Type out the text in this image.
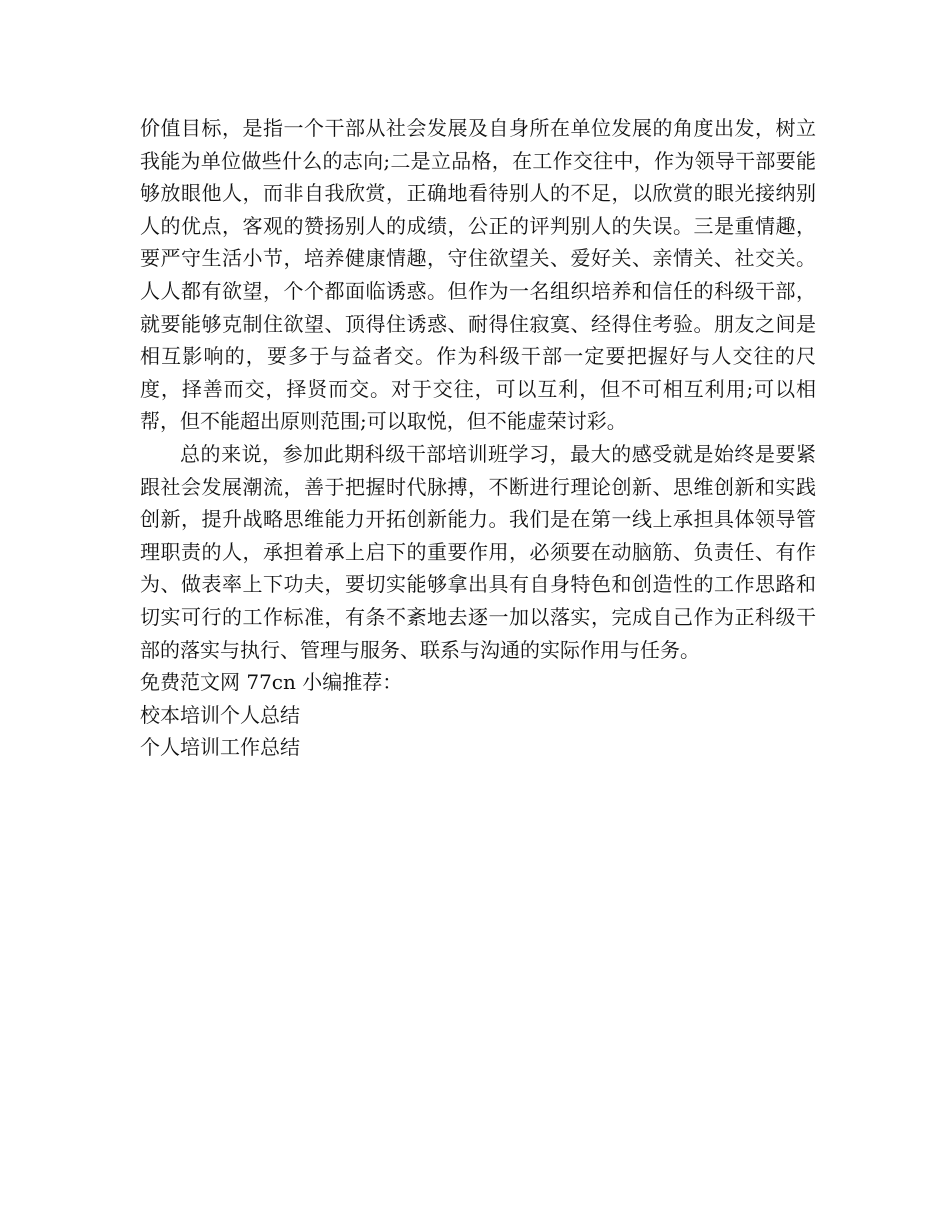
价值目标，是指一个干部从社会发展及自身所在单位发展的角度出发，树立我能为单位做些什么的志向;二是立品格，在工作交往中，作为领导干部要能够放眼他人，而非自我欣赏，正确地看待别人的不足，以欣赏的眼光接纳别人的优点，客观的赞扬别人的成绩，公正的评判别人的失误。三是重情趣，要严守生活小节，培养健康情趣，守住欲望关、爱好关、亲情关、社交关。人人都有欲望，个个都面临诱惑。但作为一名组织培养和信任的科级干部，就要能够克制住欲望、顶得住诱惑、耐得住寂寞、经得住考验。朋友之间是相互影响的，要多于与益者交。作为科级干部一定要把握好与人交往的尺度，择善而交，择贤而交。对于交往，可以互利，但不可相互利用;可以相帮，但不能超出原则范围;可以取悦，但不能虚荣讨彩。

总的来说，参加此期科级干部培训班学习，最大的感受就是始终是要紧跟社会发展潮流，善于把握时代脉搏，不断进行理论创新、思维创新和实践创新，提升战略思维能力开拓创新能力。我们是在第一线上承担具体领导管理职责的人，承担着承上启下的重要作用，必须要在动脑筋、负责任、有作为、做表率上下功夫，要切实能够拿出具有自身特色和创造性的工作思路和切实可行的工作标准，有条不紊地去逐一加以落实，完成自己作为正科级干部的落实与执行、管理与服务、联系与沟通的实际作用与任务。

免费范文网 77cn 小编推荐：

校本培训个人总结

个人培训工作总结
